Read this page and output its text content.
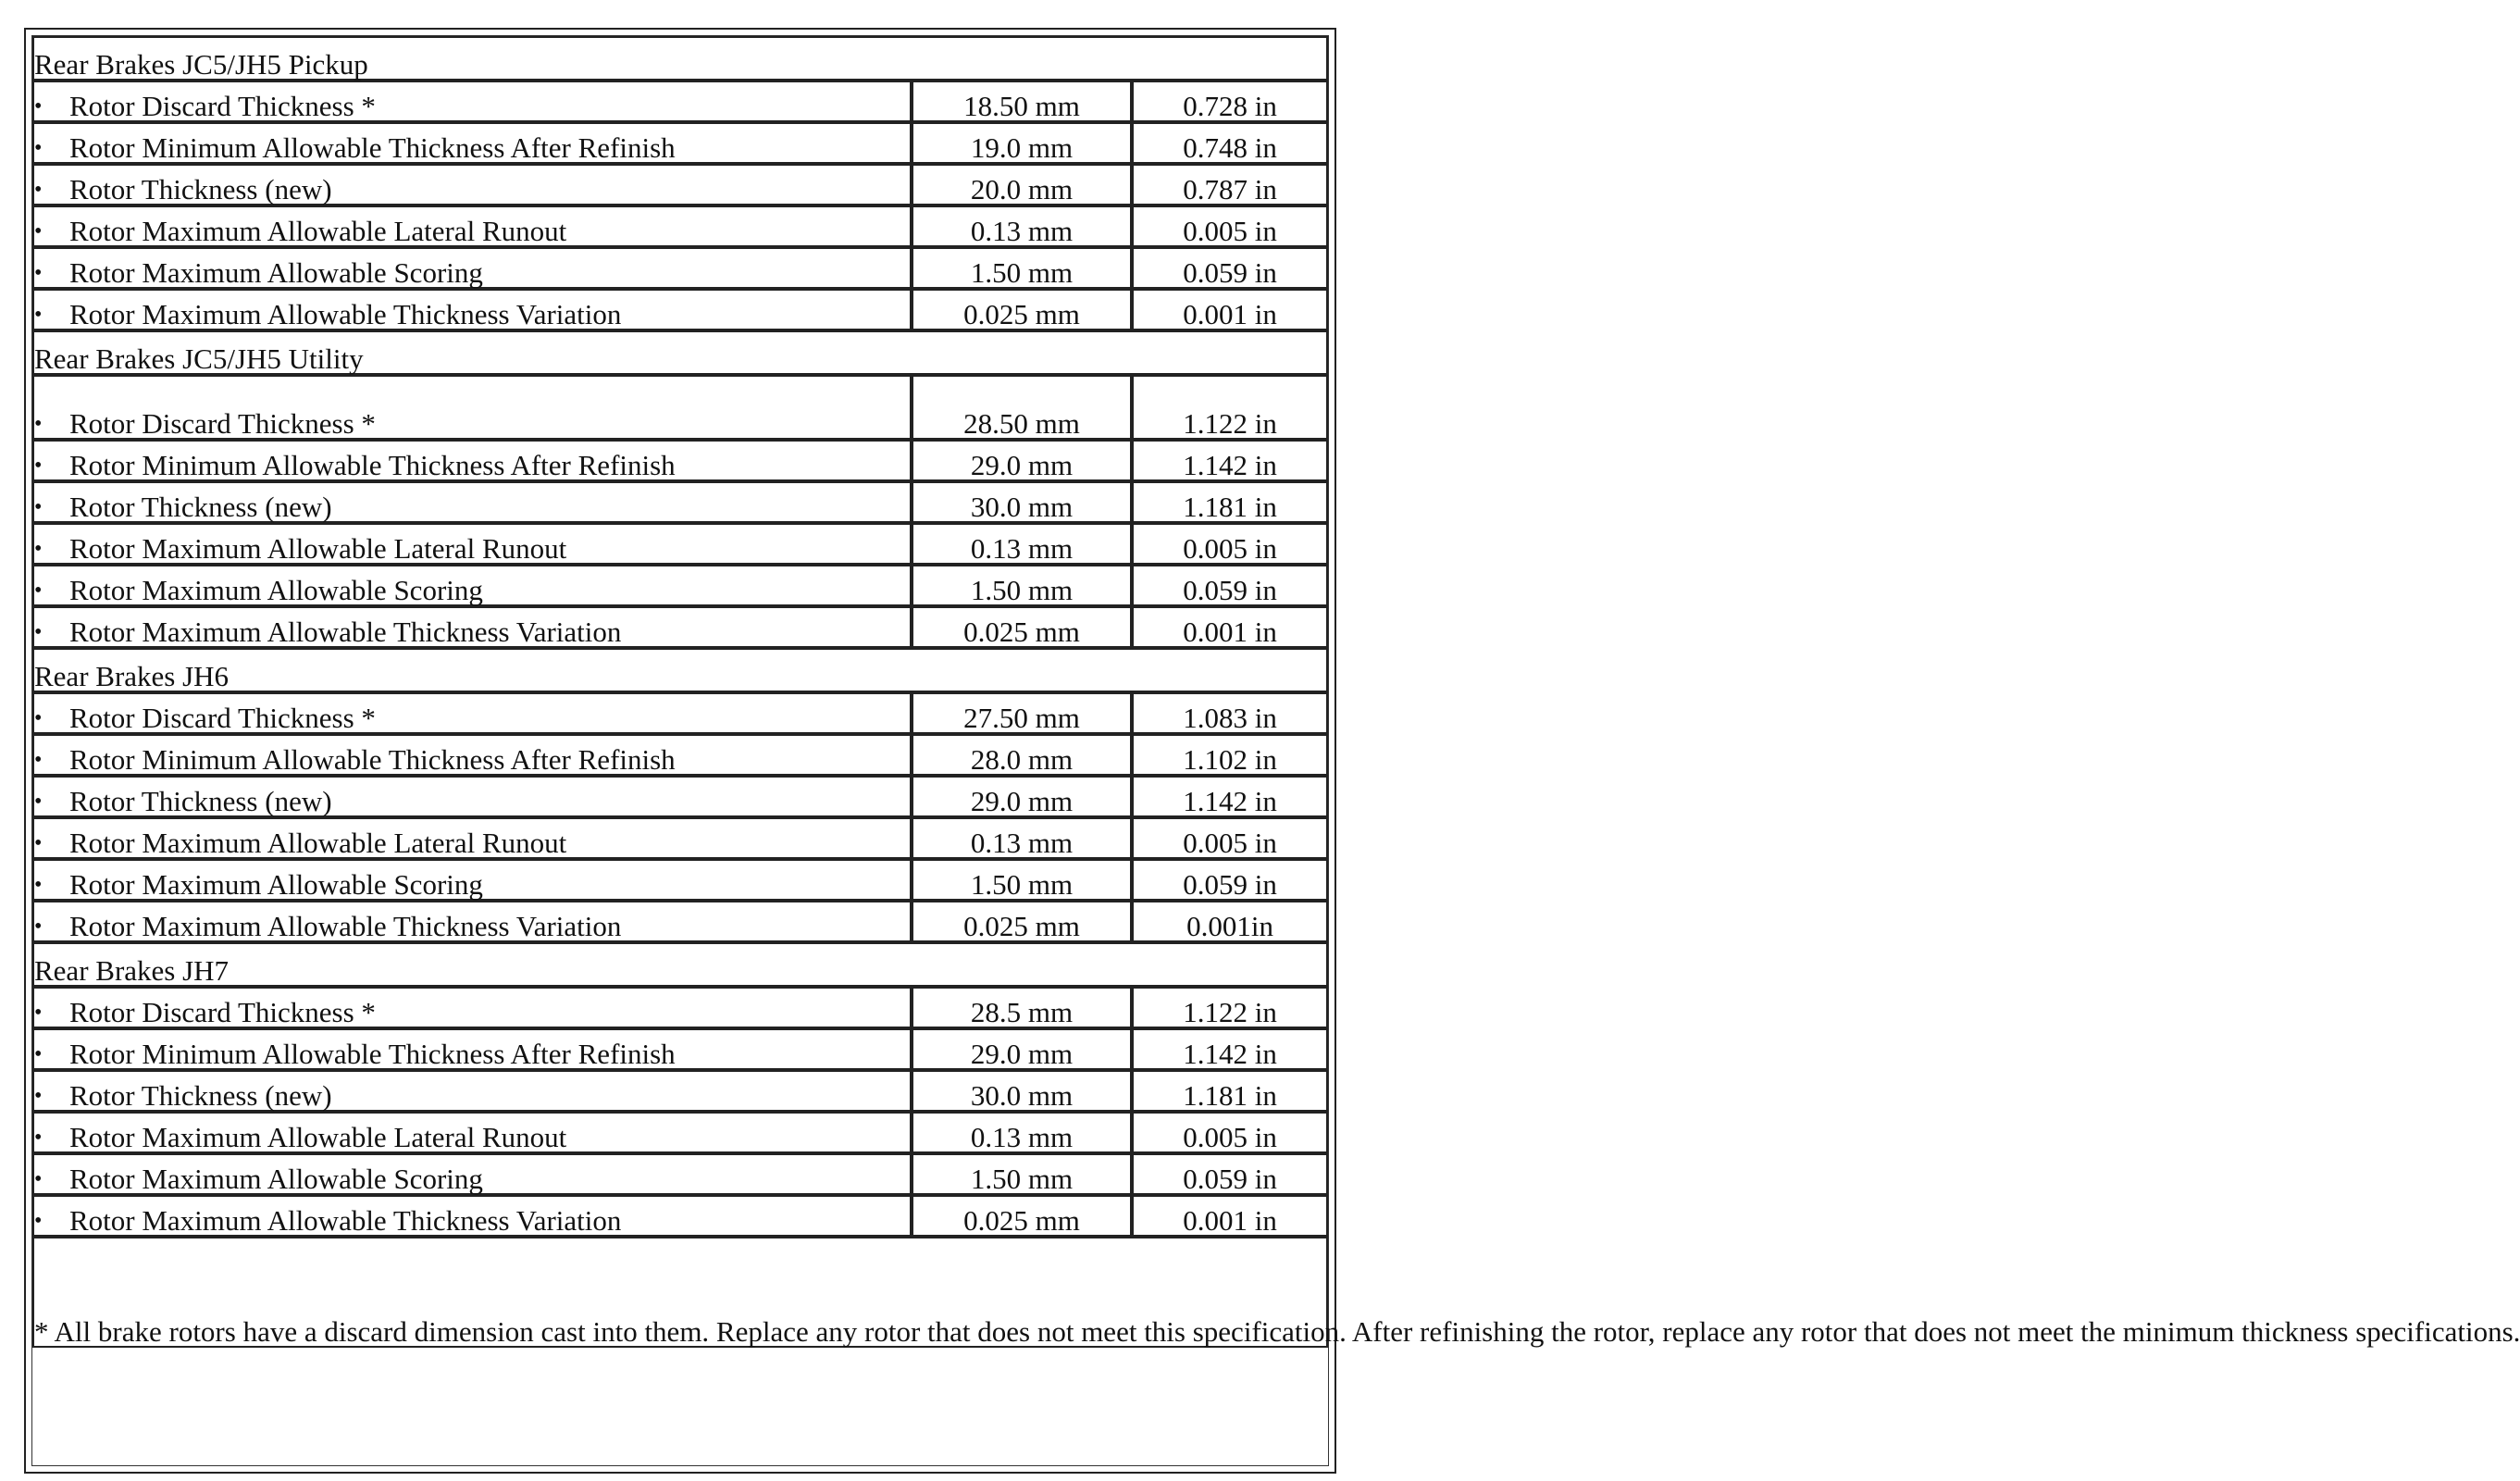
Rear Brakes JC5/JH5 Pickup		
• Rotor Discard Thickness *	18.50 mm	0.728 in
• Rotor Minimum Allowable Thickness After Refinish	19.0 mm	0.748 in
• Rotor Thickness (new)	20.0 mm	0.787 in
• Rotor Maximum Allowable Lateral Runout	0.13 mm	0.005 in
• Rotor Maximum Allowable Scoring	1.50 mm	0.059 in
• Rotor Maximum Allowable Thickness Variation	0.025 mm	0.001 in
Rear Brakes JC5/JH5 Utility		
• Rotor Discard Thickness *	28.50 mm	1.122 in
• Rotor Minimum Allowable Thickness After Refinish	29.0 mm	1.142 in
• Rotor Thickness (new)	30.0 mm	1.181 in
• Rotor Maximum Allowable Lateral Runout	0.13 mm	0.005 in
• Rotor Maximum Allowable Scoring	1.50 mm	0.059 in
• Rotor Maximum Allowable Thickness Variation	0.025 mm	0.001 in
Rear Brakes JH6		
• Rotor Discard Thickness *	27.50 mm	1.083 in
• Rotor Minimum Allowable Thickness After Refinish	28.0 mm	1.102 in
• Rotor Thickness (new)	29.0 mm	1.142 in
• Rotor Maximum Allowable Lateral Runout	0.13 mm	0.005 in
• Rotor Maximum Allowable Scoring	1.50 mm	0.059 in
• Rotor Maximum Allowable Thickness Variation	0.025 mm	0.001in
Rear Brakes JH7		
• Rotor Discard Thickness *	28.5 mm	1.122 in
• Rotor Minimum Allowable Thickness After Refinish	29.0 mm	1.142 in
• Rotor Thickness (new)	30.0 mm	1.181 in
• Rotor Maximum Allowable Lateral Runout	0.13 mm	0.005 in
• Rotor Maximum Allowable Scoring	1.50 mm	0.059 in
• Rotor Maximum Allowable Thickness Variation	0.025 mm	0.001 in
* All brake rotors have a discard dimension cast into them. Replace any rotor that does not meet this specification. After refinishing the rotor, replace any rotor that does not meet the minimum thickness specifications.		
